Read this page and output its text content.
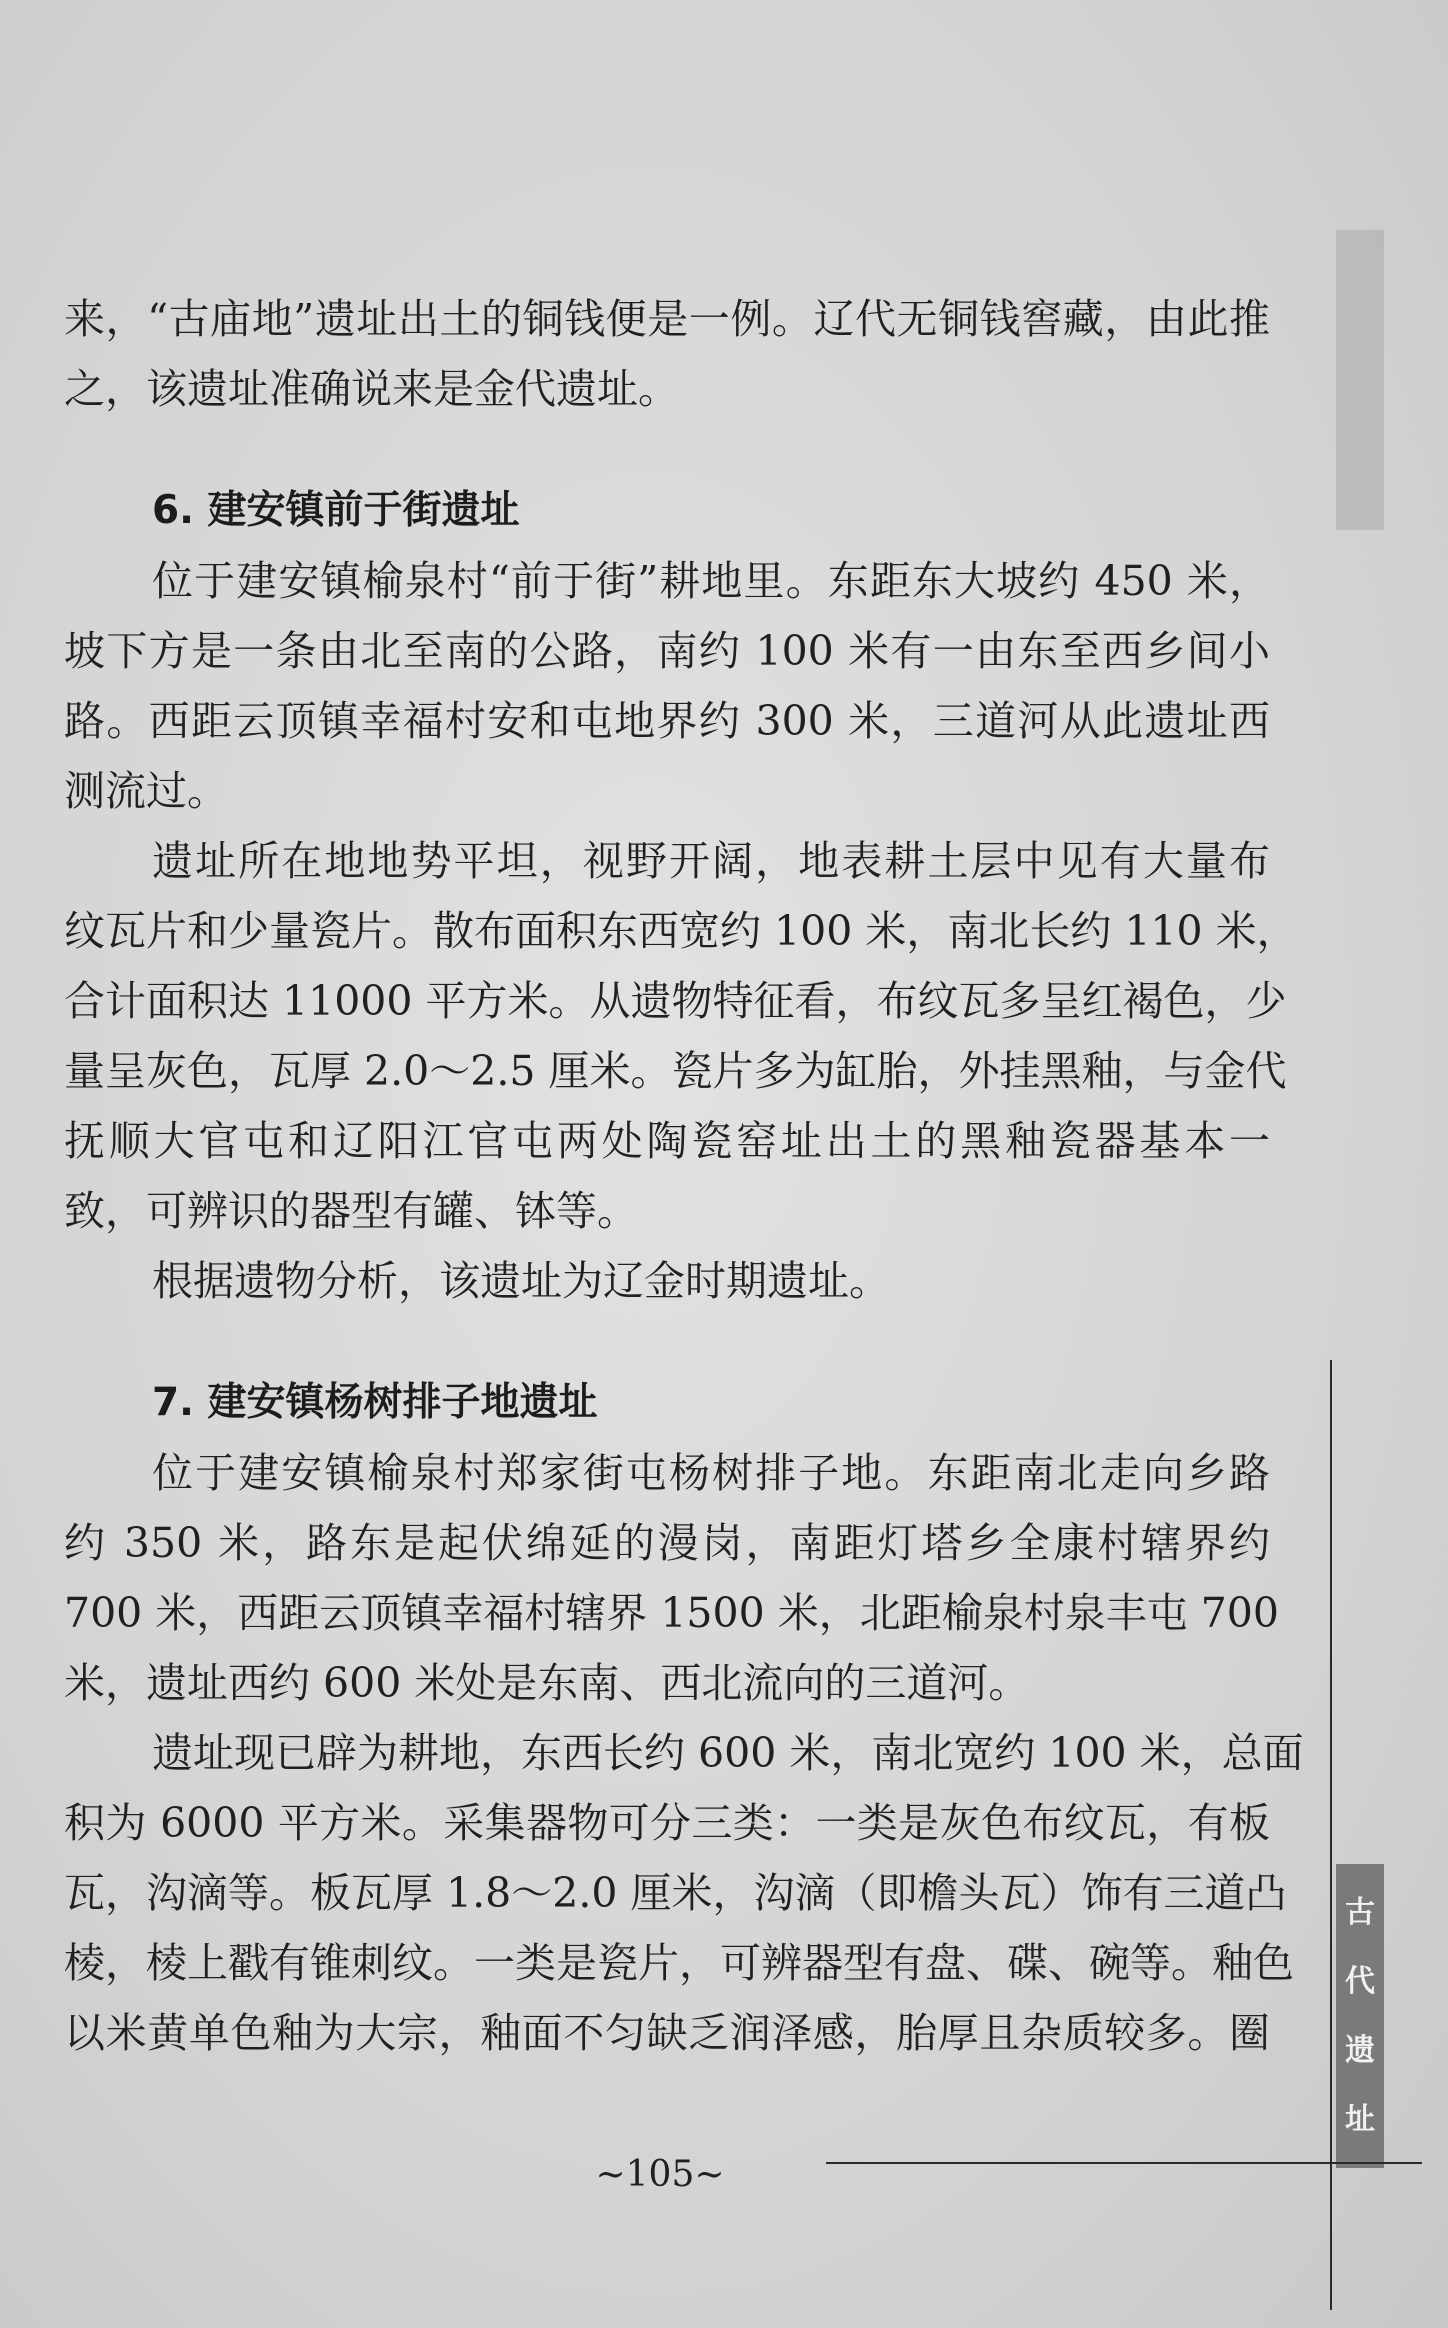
来，“古庙地”遗址出土的铜钱便是一例。辽代无铜钱窖藏，由此推
之，该遗址准确说来是金代遗址。
6. 建安镇前于街遗址
位于建安镇榆泉村“前于街”耕地里。东距东大坡约 450 米，
坡下方是一条由北至南的公路，南约 100 米有一由东至西乡间小
路。西距云顶镇幸福村安和屯地界约 300 米，三道河从此遗址西
测流过。
遗址所在地地势平坦，视野开阔，地表耕土层中见有大量布
纹瓦片和少量瓷片。散布面积东西宽约 100 米，南北长约 110 米，
合计面积达 11000 平方米。从遗物特征看，布纹瓦多呈红褐色，少
量呈灰色，瓦厚 2.0～2.5 厘米。瓷片多为缸胎，外挂黑釉，与金代
抚顺大官屯和辽阳江官屯两处陶瓷窑址出土的黑釉瓷器基本一
致，可辨识的器型有罐、钵等。
根据遗物分析，该遗址为辽金时期遗址。
7. 建安镇杨树排子地遗址
位于建安镇榆泉村郑家街屯杨树排子地。东距南北走向乡路
约 350 米，路东是起伏绵延的漫岗，南距灯塔乡全康村辖界约
700 米，西距云顶镇幸福村辖界 1500 米，北距榆泉村泉丰屯 700
米，遗址西约 600 米处是东南、西北流向的三道河。
遗址现已辟为耕地，东西长约 600 米，南北宽约 100 米，总面
积为 6000 平方米。采集器物可分三类：一类是灰色布纹瓦，有板
瓦，沟滴等。板瓦厚 1.8～2.0 厘米，沟滴（即檐头瓦）饰有三道凸
棱，棱上戳有锥刺纹。一类是瓷片，可辨器型有盘、碟、碗等。釉色
以米黄单色釉为大宗，釉面不匀缺乏润泽感，胎厚且杂质较多。圈
古
代
遗
址
~105~
